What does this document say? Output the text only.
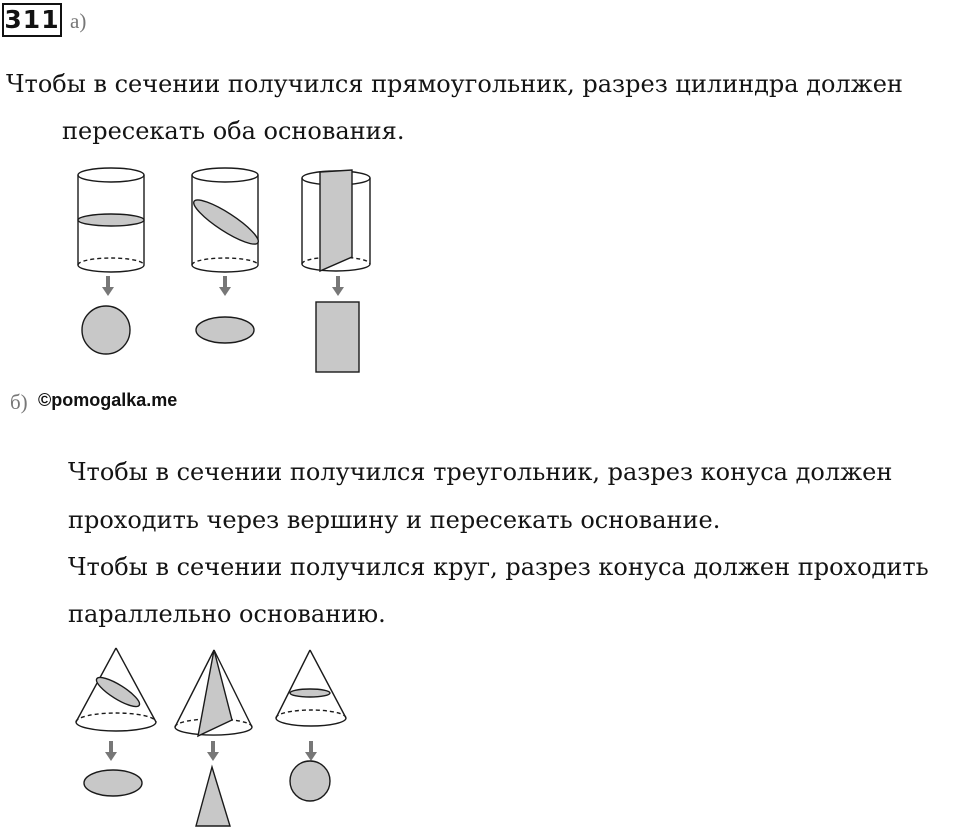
311 а)
Чтобы в сечении получился прямоугольник, разрез цилиндра должен
пересекать оба основания.
б) ©pomogalka.me
Чтобы в сечении получился треугольник, разрез конуса должен
проходить через вершину и пересекать основание.
Чтобы в сечении получился круг, разрез конуса должен проходить
параллельно основанию.
